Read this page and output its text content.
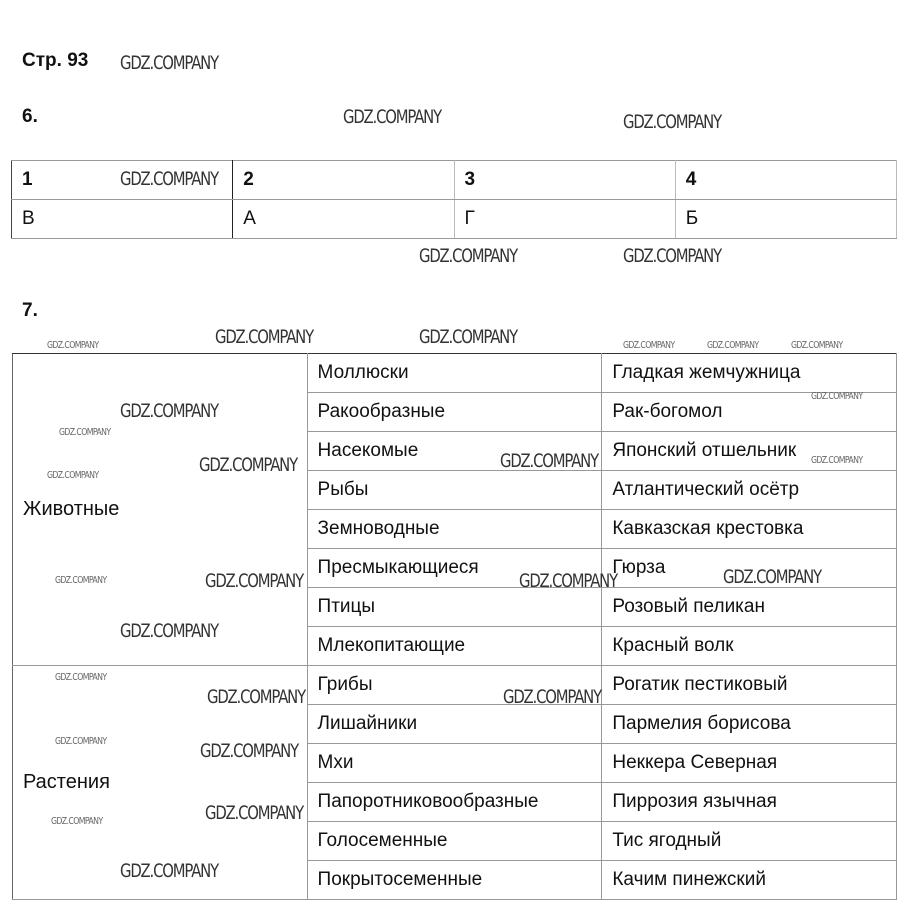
Стр. 93
6.
1	2	3	4
В	А	Г	Б
7.
Животные	Моллюски	Гладкая жемчужница
	Ракообразные	Рак-богомол
	Насекомые	Японский отшельник
	Рыбы	Атлантический осётр
	Земноводные	Кавказская крестовка
	Пресмыкающиеся	Гюрза
	Птицы	Розовый пеликан
	Млекопитающие	Красный волк
Растения	Грибы	Рогатик пестиковый
	Лишайники	Пармелия борисова
	Мхи	Неккера Северная
	Папоротниковообразные	Пиррозия язычная
	Голосеменные	Тис ягодный
	Покрытосеменные	Качим пинежский
GDZ.COMPANY
GDZ.COMPANY	GDZ.COMPANY
GDZ.COMPANY
GDZ.COMPANY	GDZ.COMPANY
GDZ.COMPANY	GDZ.COMPANY
GDZ.COMPANY	GDZ.COMPANY	GDZ.COMPANY	GDZ.COMPANY
GDZ.COMPANY
GDZ.COMPANY
GDZ.COMPANY	GDZ.COMPANY
GDZ.COMPANY
GDZ.COMPANY
GDZ.COMPANY
GDZ.COMPANY	GDZ.COMPANY	GDZ.COMPANY	GDZ.COMPANY
GDZ.COMPANY
GDZ.COMPANY	GDZ.COMPANY
GDZ.COMPANY
GDZ.COMPANY
GDZ.COMPANY
GDZ.COMPANY
GDZ.COMPANY
GDZ.COMPANY
